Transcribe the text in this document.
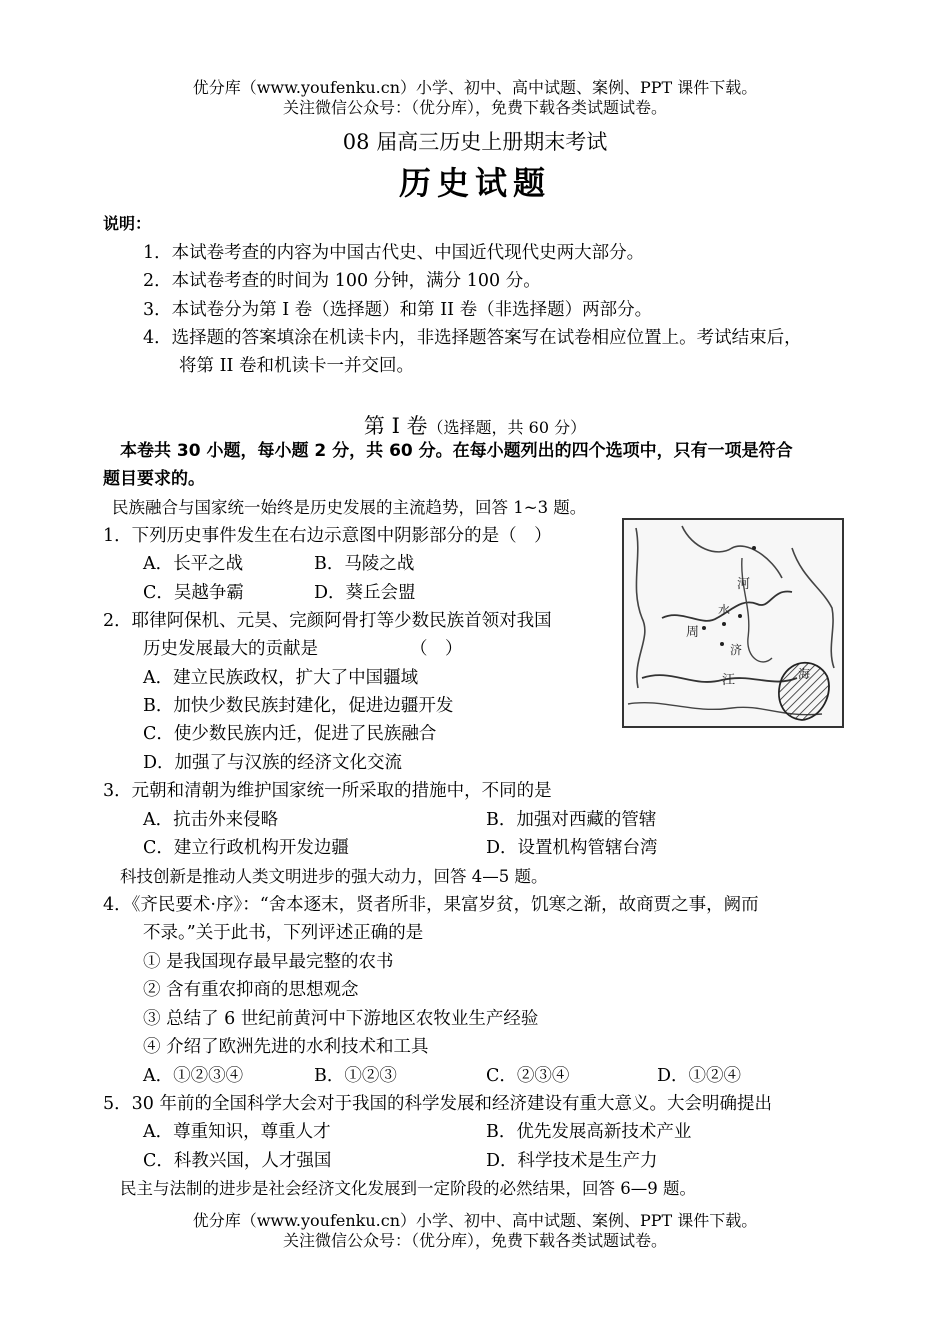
优分库（www.youfenku.cn）小学、初中、高中试题、案例、PPT 课件下载。
关注微信公众号：（优分库），免费下载各类试题试卷。
08 届高三历史上册期末考试
历史试题
说明：
1．本试卷考查的内容为中国古代史、中国近代现代史两大部分。
2．本试卷考查的时间为 100 分钟，满分 100 分。
3．本试卷分为第 I 卷（选择题）和第 II 卷（非选择题）两部分。
4．选择题的答案填涂在机读卡内，非选择题答案写在试卷相应位置上。考试结束后，
将第 II 卷和机读卡一并交回。
第 I 卷（选择题，共 60 分）
本卷共 30 小题，每小题 2 分，共 60 分。在每小题列出的四个选项中，只有一项是符合
题目要求的。
民族融合与国家统一始终是历史发展的主流趋势，回答 1~3 题。
1．下列历史事件发生在右边示意图中阴影部分的是（　）
A．长平之战	B．马陵之战
C．吴越争霸	D．葵丘会盟	河
水
周
济
江	海
2．耶律阿保机、元昊、完颜阿骨打等少数民族首领对我国
历史发展最大的贡献是	（　）
A．建立民族政权，扩大了中国疆域
B．加快少数民族封建化，促进边疆开发
C．使少数民族内迁，促进了民族融合
D．加强了与汉族的经济文化交流
3．元朝和清朝为维护国家统一所采取的措施中，不同的是
A．抗击外来侵略	B．加强对西藏的管辖
C．建立行政机构开发边疆	D．设置机构管辖台湾
科技创新是推动人类文明进步的强大动力，回答 4—5 题。
4．《齐民要术·序》：“舍本逐末，贤者所非，果富岁贫，饥寒之渐，故商贾之事，阙而
不录。”关于此书，下列评述正确的是
① 是我国现存最早最完整的农书
② 含有重农抑商的思想观念
③ 总结了 6 世纪前黄河中下游地区农牧业生产经验
④ 介绍了欧洲先进的水利技术和工具
A．①②③④	B．①②③	C．②③④	D．①②④
5．30 年前的全国科学大会对于我国的科学发展和经济建设有重大意义。大会明确提出
A．尊重知识，尊重人才	B．优先发展高新技术产业
C．科教兴国，人才强国	D．科学技术是生产力
民主与法制的进步是社会经济文化发展到一定阶段的必然结果，回答 6—9 题。
优分库（www.youfenku.cn）小学、初中、高中试题、案例、PPT 课件下载。
关注微信公众号：（优分库），免费下载各类试题试卷。
